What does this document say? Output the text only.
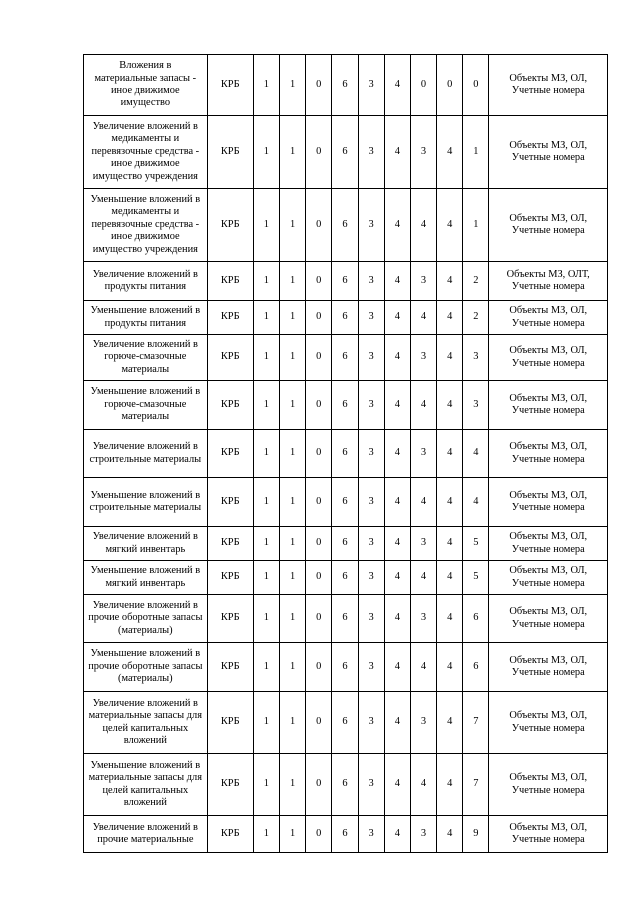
Вложения в материальные запасы - иное движимое имущество	КРБ	1	1	0	6	3	4	0	0	0	Объекты МЗ, ОЛ, Учетные номера
Увеличение вложений в медикаменты и перевязочные средства - иное движимое имущество учреждения	КРБ	1	1	0	6	3	4	3	4	1	Объекты МЗ, ОЛ, Учетные номера
Уменьшение вложений в медикаменты и перевязочные средства - иное движимое имущество учреждения	КРБ	1	1	0	6	3	4	4	4	1	Объекты МЗ, ОЛ, Учетные номера
Увеличение вложений в продукты питания	КРБ	1	1	0	6	3	4	3	4	2	Объекты МЗ, ОЛТ, Учетные номера
Уменьшение вложений в продукты питания	КРБ	1	1	0	6	3	4	4	4	2	Объекты МЗ, ОЛ, Учетные номера
Увеличение вложений в горюче-смазочные материалы	КРБ	1	1	0	6	3	4	3	4	3	Объекты МЗ, ОЛ, Учетные номера
Уменьшение вложений в горюче-смазочные материалы	КРБ	1	1	0	6	3	4	4	4	3	Объекты МЗ, ОЛ, Учетные номера
Увеличение вложений в строительные материалы	КРБ	1	1	0	6	3	4	3	4	4	Объекты МЗ, ОЛ, Учетные номера
Уменьшение вложений в строительные материалы	КРБ	1	1	0	6	3	4	4	4	4	Объекты МЗ, ОЛ, Учетные номера
Увеличение вложений в мягкий инвентарь	КРБ	1	1	0	6	3	4	3	4	5	Объекты МЗ, ОЛ, Учетные номера
Уменьшение вложений в мягкий инвентарь	КРБ	1	1	0	6	3	4	4	4	5	Объекты МЗ, ОЛ, Учетные номера
Увеличение вложений в прочие оборотные запасы (материалы)	КРБ	1	1	0	6	3	4	3	4	6	Объекты МЗ, ОЛ, Учетные номера
Уменьшение вложений в прочие оборотные запасы (материалы)	КРБ	1	1	0	6	3	4	4	4	6	Объекты МЗ, ОЛ, Учетные номера
Увеличение вложений в материальные запасы для целей капитальных вложений	КРБ	1	1	0	6	3	4	3	4	7	Объекты МЗ, ОЛ, Учетные номера
Уменьшение вложений в материальные запасы для целей капитальных вложений	КРБ	1	1	0	6	3	4	4	4	7	Объекты МЗ, ОЛ, Учетные номера
Увеличение вложений в прочие материальные	КРБ	1	1	0	6	3	4	3	4	9	Объекты МЗ, ОЛ, Учетные номера
